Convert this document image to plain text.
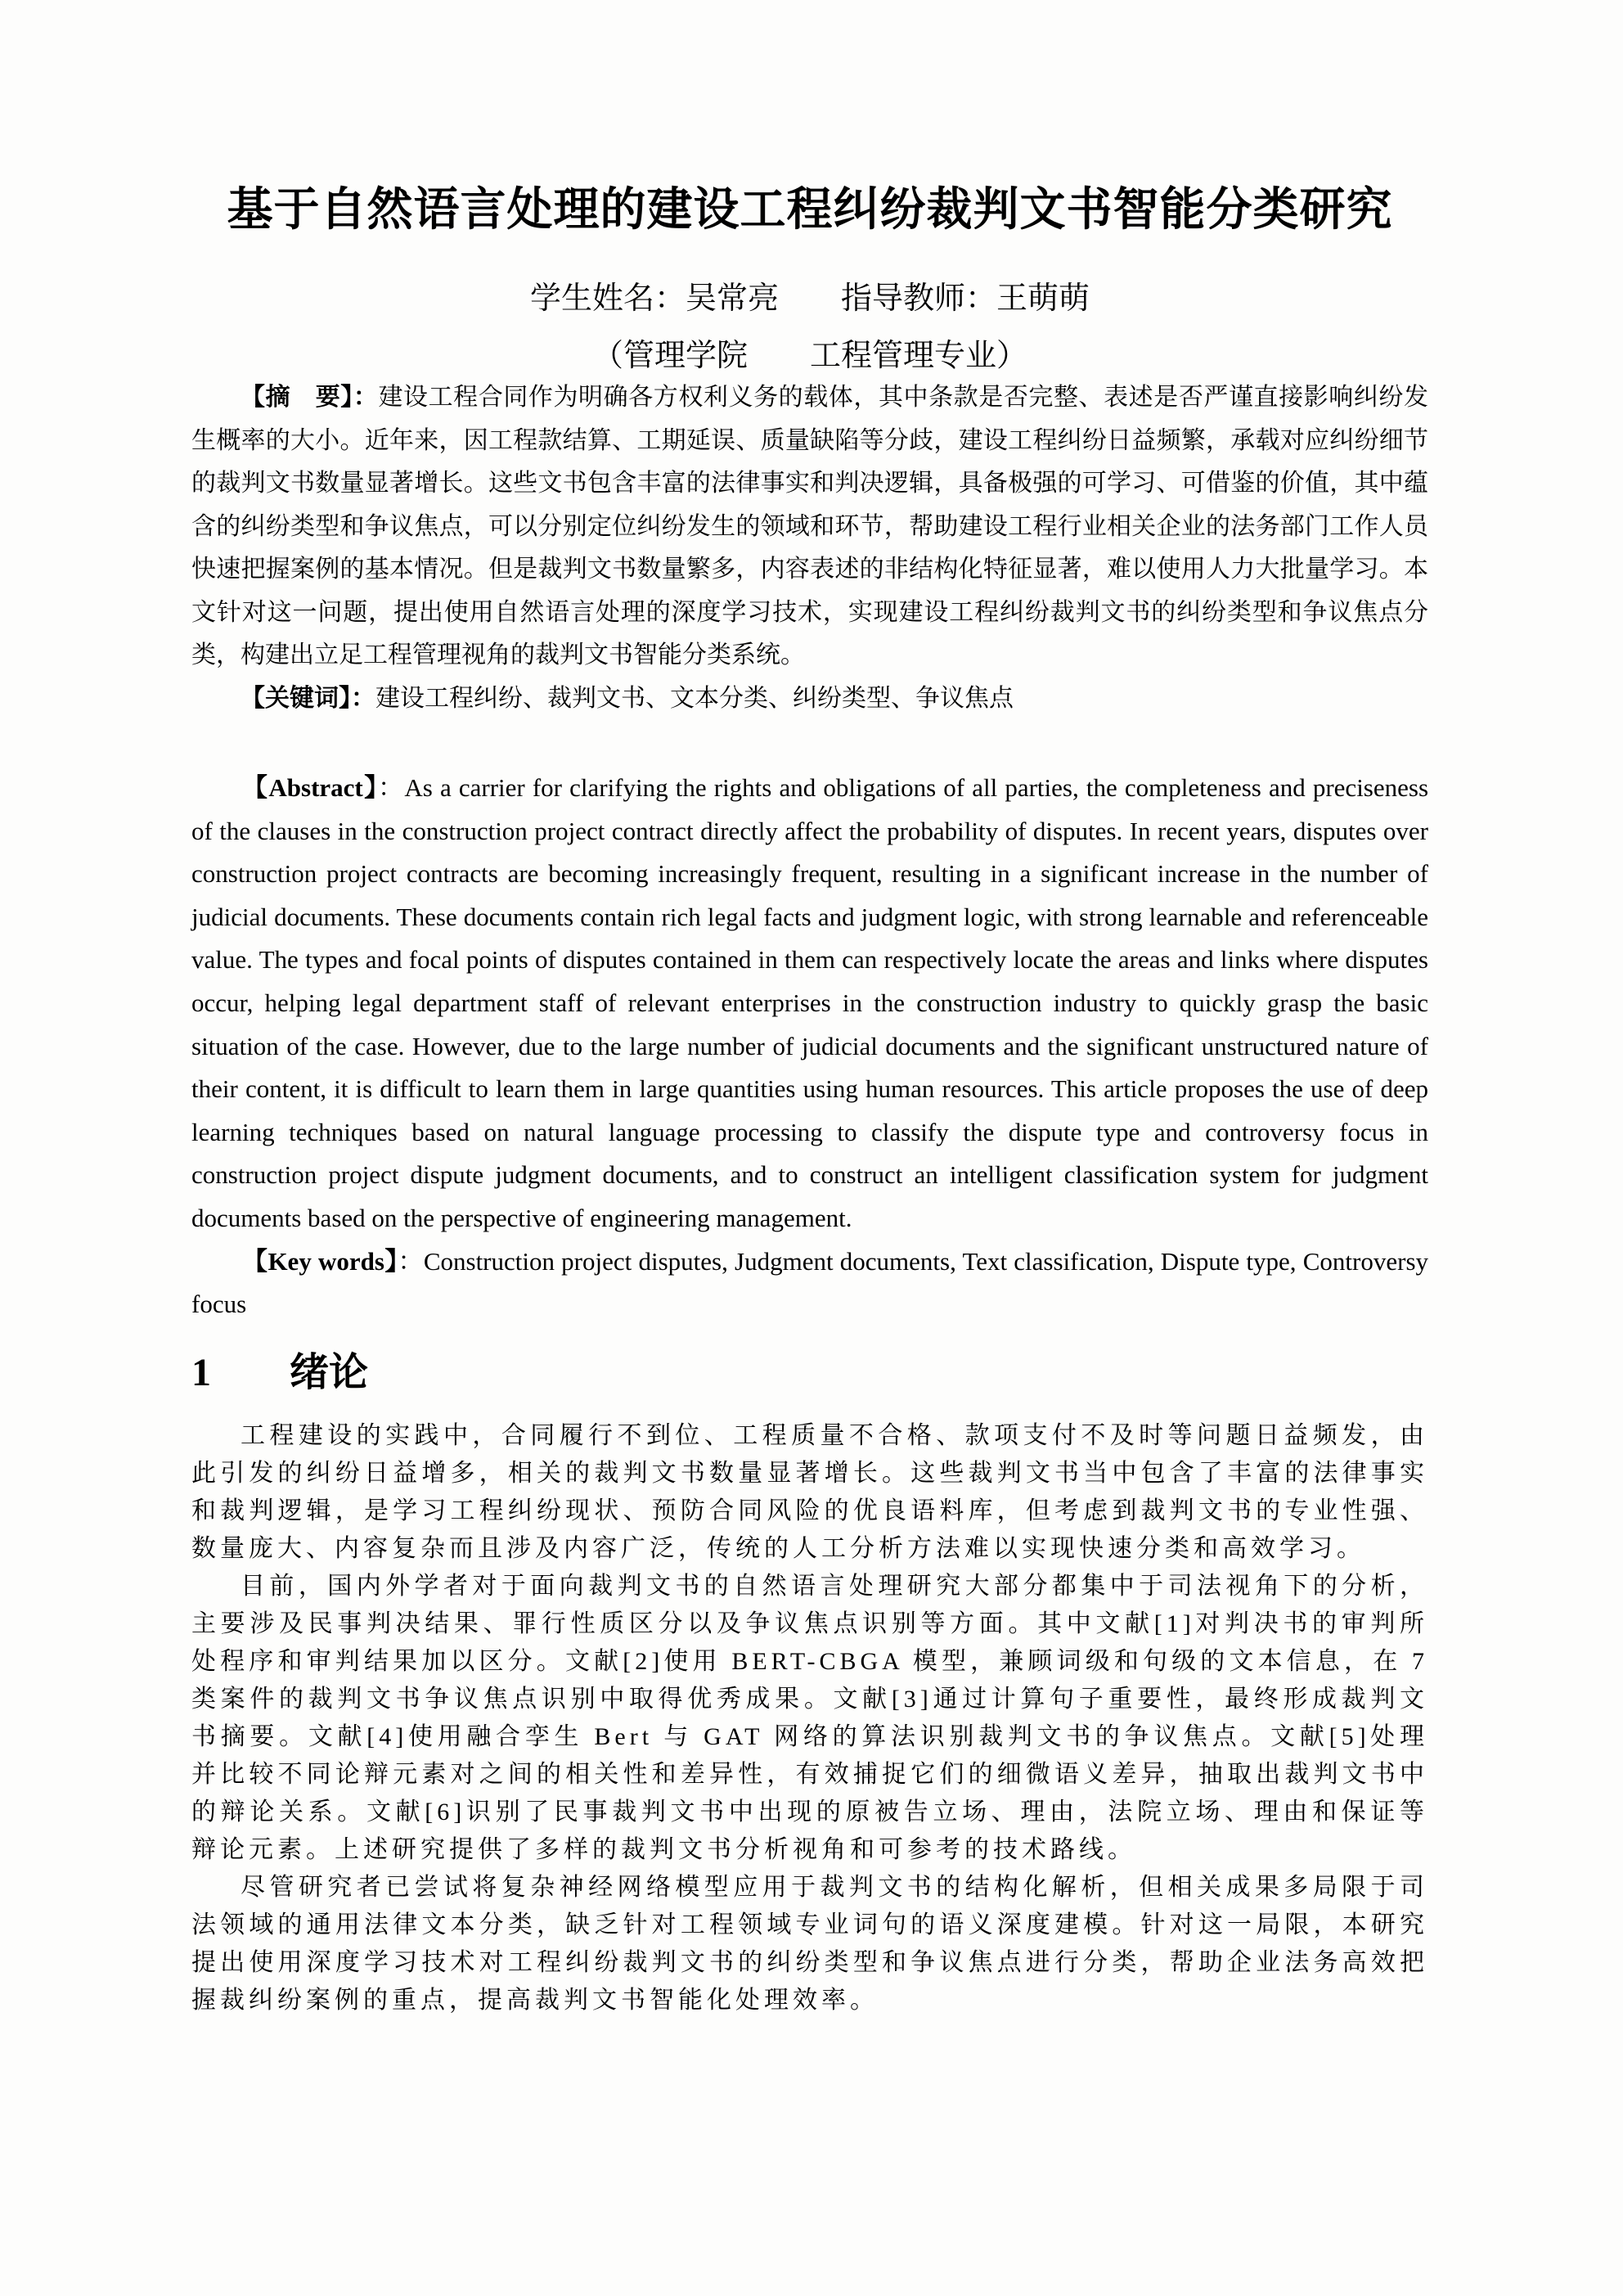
基于自然语言处理的建设工程纠纷裁判文书智能分类研究

学生姓名：吴常亮　　指导教师：王萌萌

（管理学院　　工程管理专业）

【摘　要】：建设工程合同作为明确各方权利义务的载体，其中条款是否完整、表述是否严谨直接影响纠纷发生概率的大小。近年来，因工程款结算、工期延误、质量缺陷等分歧，建设工程纠纷日益频繁，承载对应纠纷细节的裁判文书数量显著增长。这些文书包含丰富的法律事实和判决逻辑，具备极强的可学习、可借鉴的价值，其中蕴含的纠纷类型和争议焦点，可以分别定位纠纷发生的领域和环节，帮助建设工程行业相关企业的法务部门工作人员快速把握案例的基本情况。但是裁判文书数量繁多，内容表述的非结构化特征显著，难以使用人力大批量学习。本文针对这一问题，提出使用自然语言处理的深度学习技术，实现建设工程纠纷裁判文书的纠纷类型和争议焦点分类，构建出立足工程管理视角的裁判文书智能分类系统。

【关键词】：建设工程纠纷、裁判文书、文本分类、纠纷类型、争议焦点

【Abstract】：As a carrier for clarifying the rights and obligations of all parties, the completeness and preciseness of the clauses in the construction project contract directly affect the probability of disputes. In recent years, disputes over construction project contracts are becoming increasingly frequent, resulting in a significant increase in the number of judicial documents. These documents contain rich legal facts and judgment logic, with strong learnable and referenceable value. The types and focal points of disputes contained in them can respectively locate the areas and links where disputes occur, helping legal department staff of relevant enterprises in the construction industry to quickly grasp the basic situation of the case. However, due to the large number of judicial documents and the significant unstructured nature of their content, it is difficult to learn them in large quantities using human resources. This article proposes the use of deep learning techniques based on natural language processing to classify the dispute type and controversy focus in construction project dispute judgment documents, and to construct an intelligent classification system for judgment documents based on the perspective of engineering management.

【Key words】：Construction project disputes, Judgment documents, Text classification, Dispute type, Controversy focus

1 绪论

工程建设的实践中，合同履行不到位、工程质量不合格、款项支付不及时等问题日益频发，由此引发的纠纷日益增多，相关的裁判文书数量显著增长。这些裁判文书当中包含了丰富的法律事实和裁判逻辑，是学习工程纠纷现状、预防合同风险的优良语料库，但考虑到裁判文书的专业性强、数量庞大、内容复杂而且涉及内容广泛，传统的人工分析方法难以实现快速分类和高效学习。

目前，国内外学者对于面向裁判文书的自然语言处理研究大部分都集中于司法视角下的分析，主要涉及民事判决结果、罪行性质区分以及争议焦点识别等方面。其中文献[1]对判决书的审判所处程序和审判结果加以区分。文献[2]使用 BERT-CBGA 模型，兼顾词级和句级的文本信息，在 7 类案件的裁判文书争议焦点识别中取得优秀成果。文献[3]通过计算句子重要性，最终形成裁判文书摘要。文献[4]使用融合孪生 Bert 与 GAT 网络的算法识别裁判文书的争议焦点。文献[5]处理并比较不同论辩元素对之间的相关性和差异性，有效捕捉它们的细微语义差异，抽取出裁判文书中的辩论关系。文献[6]识别了民事裁判文书中出现的原被告立场、理由，法院立场、理由和保证等辩论元素。上述研究提供了多样的裁判文书分析视角和可参考的技术路线。

尽管研究者已尝试将复杂神经网络模型应用于裁判文书的结构化解析，但相关成果多局限于司法领域的通用法律文本分类，缺乏针对工程领域专业词句的语义深度建模。针对这一局限，本研究提出使用深度学习技术对工程纠纷裁判文书的纠纷类型和争议焦点进行分类，帮助企业法务高效把握裁纠纷案例的重点，提高裁判文书智能化处理效率。
